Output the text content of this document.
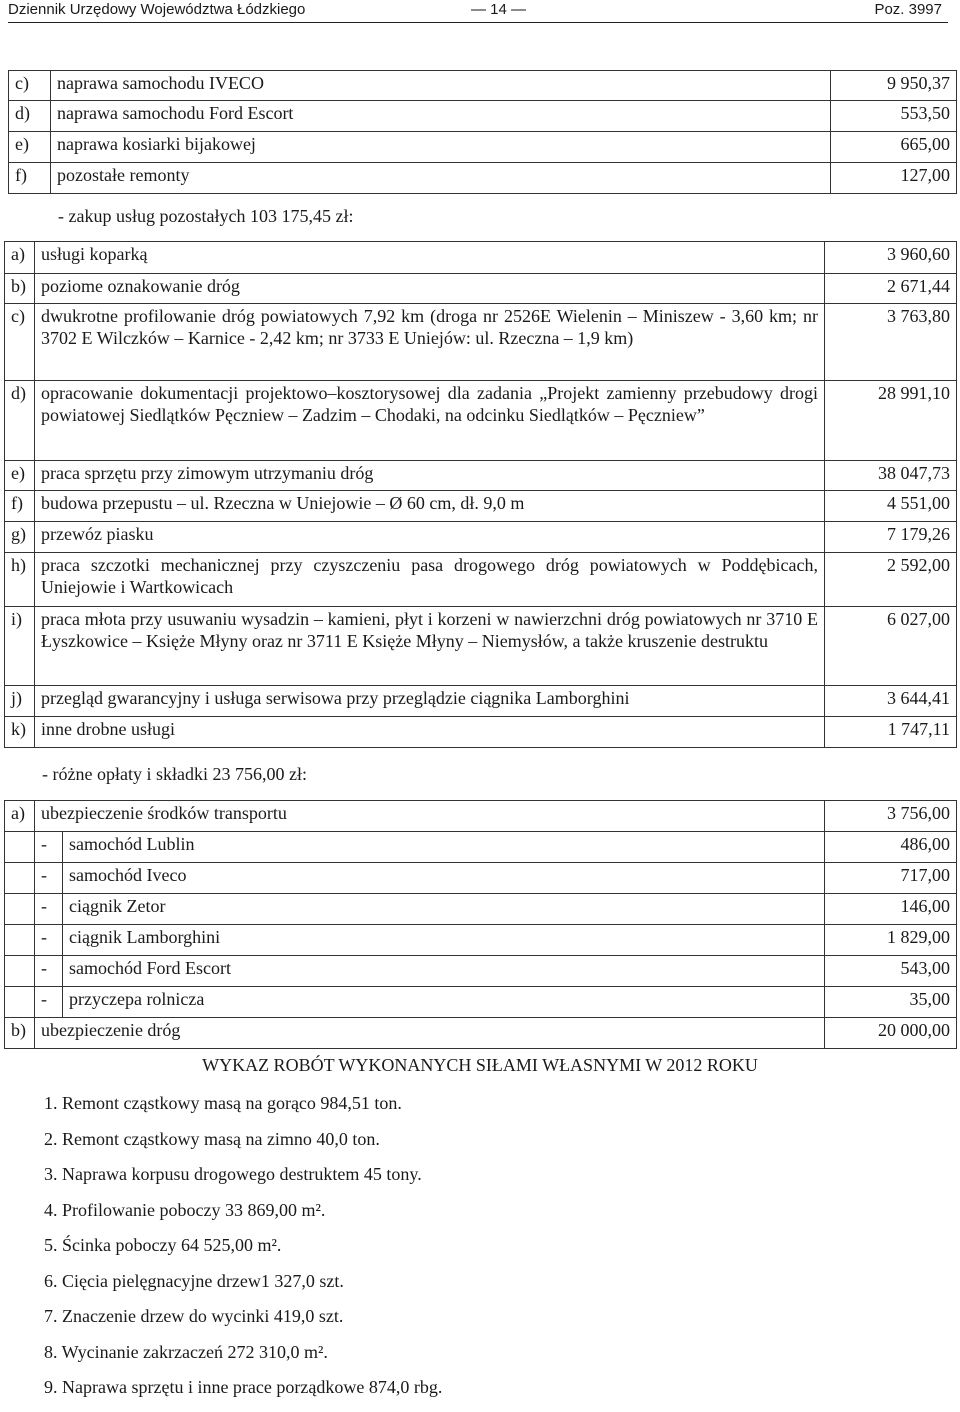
Dziennik Urzędowy Województwa Łódzkiego	— 14 —	Poz. 3997
c)	naprawa samochodu IVECO	9 950,37
d)	naprawa samochodu Ford Escort	553,50
e)	naprawa kosiarki bijakowej	665,00
f)	pozostałe remonty	127,00
- zakup usług pozostałych 103 175,45 zł:
a)	usługi koparką	3 960,60
b)	poziome oznakowanie dróg	2 671,44
c)	dwukrotne profilowanie dróg powiatowych 7,92 km (droga nr 2526E Wielenin – Miniszew - 3,60 km; nr 3702 E Wilczków – Karnice - 2,42 km; nr 3733 E Uniejów: ul. Rzeczna – 1,9 km)	3 763,80
d)	opracowanie dokumentacji projektowo–kosztorysowej dla zadania „Projekt zamienny przebudowy drogi powiatowej Siedlątków Pęczniew – Zadzim – Chodaki, na odcinku Siedlątków – Pęczniew”	28 991,10
e)	praca sprzętu przy zimowym utrzymaniu dróg	38 047,73
f)	budowa przepustu – ul. Rzeczna w Uniejowie – Ø 60 cm, dł. 9,0 m	4 551,00
g)	przewóz piasku	7 179,26
h)	praca szczotki mechanicznej przy czyszczeniu pasa drogowego dróg powiatowych w Poddębicach, Uniejowie i Wartkowicach	2 592,00
i)	praca młota przy usuwaniu wysadzin – kamieni, płyt i korzeni w nawierzchni dróg powiatowych nr 3710 E Łyszkowice – Księże Młyny oraz nr 3711 E Księże Młyny – Niemysłów, a także kruszenie destruktu	6 027,00
j)	przegląd gwarancyjny i usługa serwisowa przy przeglądzie ciągnika Lamborghini	3 644,41
k)	inne drobne usługi	1 747,11
- różne opłaty i składki 23 756,00 zł:
a)	ubezpieczenie środków transportu		3 756,00
	-	samochód Lublin	486,00
	-	samochód Iveco	717,00
	-	ciągnik Zetor	146,00
	-	ciągnik Lamborghini	1 829,00
	-	samochód Ford Escort	543,00
	-	przyczepa rolnicza	35,00
b)	ubezpieczenie dróg		20 000,00
WYKAZ ROBÓT WYKONANYCH SIŁAMI WŁASNYMI W 2012 ROKU
1. Remont cząstkowy masą na gorąco 984,51 ton.
2. Remont cząstkowy masą na zimno 40,0 ton.
3. Naprawa korpusu drogowego destruktem 45 tony.
4. Profilowanie poboczy 33 869,00 m².
5. Ścinka poboczy 64 525,00 m².
6. Cięcia pielęgnacyjne drzew1 327,0 szt.
7. Znaczenie drzew do wycinki 419,0 szt.
8. Wycinanie zakrzaczeń 272 310,0 m².
9. Naprawa sprzętu i inne prace porządkowe 874,0 rbg.
